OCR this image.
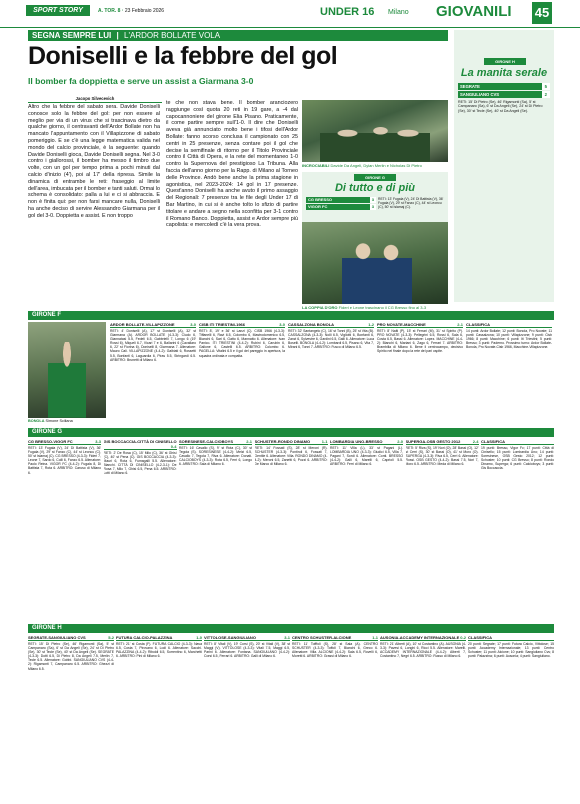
SPORT STORY	A. TOR. 8 · 23 Febbraio 2026	UNDER 16 Milano GIOVANILI 45
SEGNA SEMPRE LUI | L'ARDOR BOLLATE VOLA
Doniselli e la febbre del gol
Il bomber fa doppietta e serve un assist a Giarmana 3-0
Jacopo Silvecevich
Altro che la febbre del sabato sera. Davide Doniselli conosce solo la febbre del gol: per non essere al meglio per via di un virus che si trascinava dietro da qualche giorno, il centravanti dell'Ardor Bollate non ha mancato l'appuntamento con il Villapizzone di sabato pomeriggio. E se c'è una legge matematica valida nel mondo del calcio provinciale, è la seguente: quando Davide Doniselli gioca, Davide Doniselli segna. Nel 3-0 contro i giallorossi, il bomber ha messo il timbro due volte, con un gol per tempo prima a pochi minuti dal calcio d'inizio (4'), poi al 17' della ripresa. Simile la dinamica di entrambe le reti: fraseggio al limite dell'area, imbucata per il bomber e tanti saluti. Ormai lo schema è consolidato: palla a lui e ci si abbraccia. E non è finita qui: per non farsi mancare nulla, Doniselli ha anche deciso di servire Alessandro Giarmana per il gol del 3-0. Doppietta e assist. E non troppo
te che non stava bene. Il bomber aranciozero raggiunge così quota 20 reti in 19 gare, a -4 dal capocannoniere del girone Elia Pisano. Praticamente, il come partire sempre sull'1-0. Il dire che Doniselli aveva già annunciato molto bene i tifosi dell'Ardor Bollate: fanno scorso conclusa il campionato con 25 centri in 25 presenze, senza contare poi il gol che decise la semifinale di ritorno per il Titolo Provinciale contro il Città di Opera, e la rete del momentaneo 1-0 contro la Supernova del prestigioso La Tribuna. Alla faccia dell'anno giorno per la Rapp. di Milano al Torneo delle Province. Andò bene anche la prima stagione in agonistica, nel 2023-2024: 14 gol in 17 presenze. Quest'anno Doniselli ha anche avuto il primo assaggio del Regionali: 7 presenze tra le file degli Under 17 di Bar Martino, in cui si è anche tolto lo sfizio di partire titolare e andare a segno nella sconfitta per 3-1 contro il Romano Banco. Doppietta, assist e Ardor sempre più capolista: e mercoledì c'è la vera prova.
INCROCIABILI Davide Da Angeli, Dylan Merlin e Nicholas Di Pietro
GIRONE G
Di tutto e di più
CG BRESSO	3
VIGOR FC	3
RETI: 13' Fugala (V), 24' Di Battista (V), 36' Fugala (V), 29' st Fanzo (C), 44' st Leoncu (C), 50' st Islamaj (C).
LA COPPIA D'ORO Fideri e Leone trascinano il CG Bresso fino al 3-3
GIRONE H
La manita serale
SEGRATE	5
SANGIULIANO CVS	2
RETI: 15' Di Pietro (Se), 46' Rigamonti (Sa), 5' st Campanaro (Sa), 6' st Da Angeli (Se), 24' st Di Pietro (Se), 30' st Tecle (Se), 40' st Da Angeli (Se).
GIRONE F
BONOLA Simone Sciliana
ARDOR BOLLATE-VILLAPIZZONE	3-0
RETI: 4' Doniselli (A), 17' st Doniselli (A), 32' st Giarmana (A). ARDOR BOLLATE (4-3-3): Ciudo 6, Giannatasi 5.5, Fedeli 6.5, Gabbrielli 7, Longo 6 (19' Rossi 6), Miqueli 6.7, Vicari 7 e 6, Ballarini 6 (Cavallaro 6, 22' st Fiorina 6), Doniselli 8, Giarmana 7. Allenatore: Mauro Cali. VILLAPIZZONE (4-4-2): Galbiati 6, Rossetti 5.5, Bonfanti 6, Laguardia 6, Piras 5.5, Stringardi 6.5. ARBITRO: Brunetti di Milano 6.
CISB ITI TRIESTINI-1966	3-0
RETI: 8', 19' e 36' st Lanzi (C). CISB 1966 (4-3-3): Tiffanelli 6, Ravi 6.5, Colombo 6, Mastrodomenico 6.5, Bianchi 6, Sari 6, Gatto 6, Mannatto 6. Allenatore: Ivan Panico. ITI TRIESTINI (4-4-2): Rubini 6, Carubin 6, Gallone 6, Castelli 6.5. ARBITRO: Colombo 6. PAGELLA: Vitalini 6.5 e il gol del pareggio in apertura, la squadra ordinata e compatta.
CASSALZONA BONOLA	1-2
RETI: 32' Santangelo (C), 16' st Tonni (B), 25' st Vita (B). CASSALZONA (4-3-3): Nolli 6.5, Vigliotti 6, Bonfanti 6, Zanzi 6, Sylvestre 6, Gardini 6.5, Galli 6. Allenatore: Luca Boselli. BONOLA (4-4-2): Lombardi 6.5, Pisano 6, Vita 7, Mirani 6, Tonni 7. ARBITRO: Fusco di Milano 6.5.
PRO NOVATE-MACCHINE	2-1
RETI: 8' Nalti (P), 15' st Ferrari (M), 31' st Spirito (P). PRO NOVATE (4-3-3): Pellegrini 6.5, Rossi 6, Sala 6, Costa 6.5, Bassi 6. Allenatore: Lopez. MACCHINE (4-4-2): Bianchi 6, Mariani 6, Zago 6, Ferrari 7. ARBITRO: Brambilla di Milano 6. Bene il centrocampo, decisivo Spirito nel finale dopo la rete del pari ospite.
CLASSIFICA
14 punti: Ardor Bollate; 12 punti: Bonola, Pro Novate; 11 punti: Cassalzona; 10 punti: Villapizzone; 9 punti: Cisb 1966; 8 punti: Macchine; 6 punti: Iti Triestini; 5 punti: Bresso; 3 punti: Paderno. Prossimo turno: Ardor Bollate-Bonola, Pro Novate-Cisb 1966, Macchine-Villapizzone.
GIRONE G
CG BRESSO-VIGOR FC	3-3
RETI: 13' Fugala (V), 24' Di Battista (V), 36' Fugala (V), 29' st Fanzo (C), 44' st Leoncu (C), 50' st Islamaj (C). CG BRESSO (4-3-3): Fideri 7, Leone 7, Sardo 6, Colli 6, Fanzo 6.5. Allenatore: Paolo Reina. VIGOR FC (4-4-2): Fugala 8, Di Battista 7, Rota 6. ARBITRO: Caruso di Milano 6.
GIS BOCCACCIA-CITTÀ DI CINISELLO
0-4
RETI: 2' De Rosa (C), 15' Milo (C), 36' st Ghisi (C), 40' st Pena (C). GIS BOCCACCIA (4-3-3): Mauri 6, Rota 6, Fumagalli 5.5. Allenatore: Bianchi. CITTÀ DI CINISELLO (4-2-3-1): De Rosa 7, Milo 7, Ghisi 6.5, Pena 6.5. ARBITRO: Lotti di Milano 6.
SORESINESE-CALCIOBOYS	2-1
RETI: 16' Cavallo (S), 9' st Rota (C), 30' st Tegola (S). SORESINESE (4-4-2): Melzi 6.5, Cavallo 7, Tegola 7, Riva 6. Allenatore: Donati. CALCIOBOYS (4-3-3): Rota 6.5, Ferri 6, Longo 6. ARBITRO: Sala di Milano 6.
SCHUSTER-RONDO DINAMO	1-1
RETI: 14' Fossati (S), 28' st Meroni (R). SCHUSTER (4-3-3): Pontiroli 6, Fossati 7, Gentile 6. Allenatore: Villa. RONDO DINAMO (4-4-2): Meroni 6.5, Zanetti 6, Pozzi 6. ARBITRO: De Marco di Milano 6.
LOMBARDIA UNO-BRESSO	2-0
RETI: 11' Villa (L), 33' st Pagani (L). LOMBARDIA UNO (4-3-3): Giudici 6.5, Villa 7, Pagani 7, Sordi 6. Allenatore: Conti. BRESSO (4-4-2): Galli 6, Marelli 6, Caprioli 5.5. ARBITRO: Ferri di Milano 6.
SUPERGA-OSB GESTO 2012	2-4
RETI: 5' Riva (S), 19' Nori (O), 28' Bassi (O), 12' st Cerri (S), 30' st Bassi (O), 41' st Moro (O). SUPERGA (4-3-3): Riva 6.5, Cerri 6. Allenatore: Rossi. OSB GESTO (4-4-2): Bassi 7.5, Nori 7, Moro 6.5. ARBITRO: Meda di Milano 6.
CLASSIFICA
19 punti: Bresso, Vigor Fc; 17 punti: Città di Cinisello; 15 punti: Lombardia Uno; 14 punti: Soresinese, OSB Gesto 2012; 12 punti: Schuster; 10 punti: CG Bresso; 8 punti: Rondo Dinamo, Superga; 6 punti: Calcioboys; 3 punti: Gis Boccaccia.
GIRONE H
SEGRATE-SANGIULIANO CVS	5-2
RETI: 15' Di Pietro (Se), 46' Rigamonti (Sa), 5' st Campanaro (Sa), 6' st Da Angeli (Se), 24' st Di Pietro (Se), 30' st Tecle (Se), 40' st Da Angeli (Se). SEGRATE (4-3-3): Dotti 6.5, Di Pietro 8, Da Angeli 7.5, Merlin 7, Tecle 6.5. Allenatore: Gobbi. SANGIULIANO CVS (4-4-2): Rigamonti 7, Campanaro 6.5. ARBITRO: Ghezzi di Milano 6.5.
FUTURA CALCIO-PALAZZINA	1-0
RETI: 21' st Costa (F). FUTURA CALCIO (4-3-3): Nava 6.5, Costa 7, Pirovano 6, Lodi 6. Allenatore: Sacchi. PALAZZINA (4-4-2): Riboldi 6.5, Sorrentino 6, Marchetti 6. ARBITRO: Pini di Milano 6.
VITTOLOSE-SANGIULIANO	3-1
RETI: 8' Vitali (V), 19' Corsi (S), 20' st Vitali (V), 38' st Maggi (V). VITTOLOSE (4-3-3): Vitali 7.5, Maggi 6.5, Parini 6. Allenatore: Fontana. SANGIULIANO (4-4-2): Corsi 6.5, Ferrari 6. ARBITRO: Galli di Milano 6.
CENTRO SCHUSTER-ALCIONE	1-1
RETI: 11' Tofffoli (S), 28' st Sala (A). CENTRO SCHUSTER (4-3-3): Toffoli 7, Bianchi 6, Greco 6. Allenatore: Villa. ALCIONE (4-4-2): Sala 6.5, Rovelli 6, Moretti 6. ARBITRO: Grassi di Milano 6.
AUSONIA-ACCADEMY INTERNAZIONALE 0-2
RETI: 21' Alberti (A), 10' st Costantino (A). AUSONIA (4-3-3): Pavesi 6, Longhi 6, Ricci 5.5. Allenatore: Marelli. ACCADEMY INTERNAZIONALE (4-4-2): Alberti 7, Costantino 7, Negri 6.5. ARBITRO: Russo di Milano 6.
CLASSIFICA
20 punti: Segrate; 17 punti: Futura Calcio, Vittolose; 15 punti: Accademy Internazionale; 13 punti: Centro Schuster; 11 punti: Alcione; 10 punti: Sangiuliano Cvs; 8 punti: Palazzina; 6 punti: Ausonia; 4 punti: Sangiuliano.
